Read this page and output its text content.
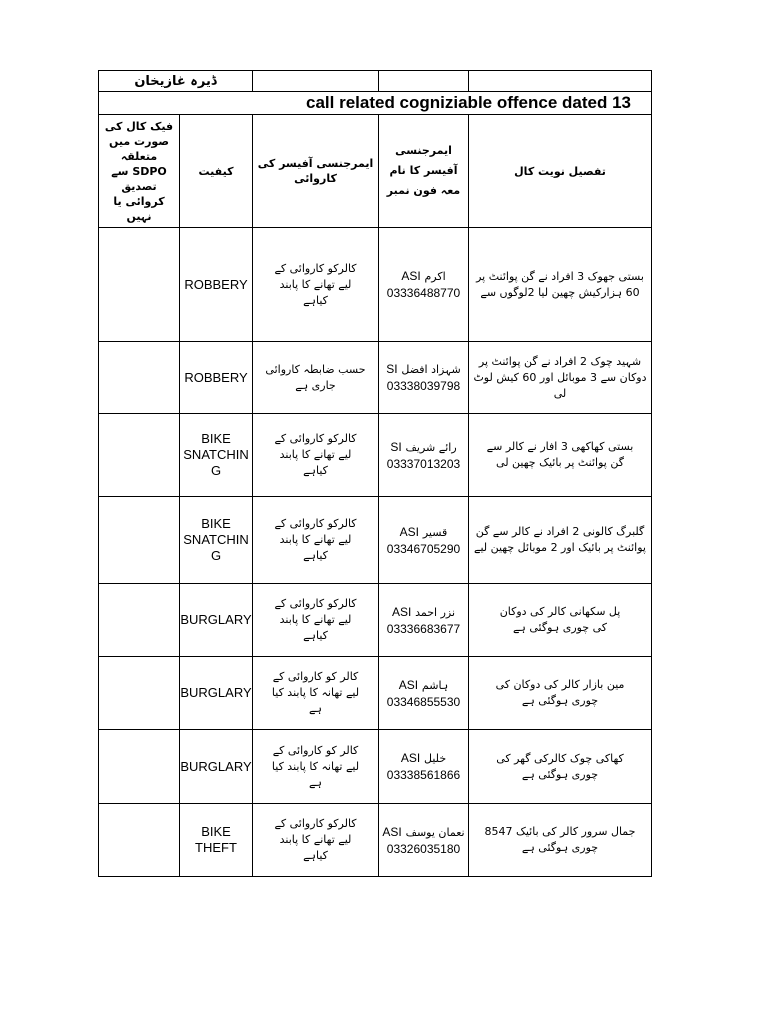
ڈیرہ غازیخان
call related cogniziable offence dated 13
تفصیل نویت کال
ایمرجنسی آفیسر کا نام معہ فون نمبر
ایمرجنسی آفیسر کی کاروائی
کیفیت
فیک کال کی صورت میں متعلقہ SDPO سے تصدیق کروائی یا نہیں
بستی جھوک 3 افراد نے گن پوائنٹ پر 60 ہزارکیش چھین لیا 2لوگوں سے
ASI اکرم
03336488770
کالرکو کاروائی کے لیے تھانے کا پابند کیاہے
ROBBERY
شہید چوک 2 افراد نے گن پوائنٹ پر دوکان سے 3 موبائل اور 60 کیش لوٹ لی
SI شہزاد افضل
03338039798
حسب ضابطہ کاروائی جاری ہے
ROBBERY
بستی کھاکھی 3 افار نے کالر سے گن پوائنٹ پر بائیک چھین لی
SI رائے شریف
03337013203
کالرکو کاروائی کے لیے تھانے کا پابند کیاہے
BIKE SNATCHIN G
گلبرگ کالونی 2 افراد نے کالر سے گن پوائنٹ پر بائیک اور 2 موبائل چھین لیے
ASI قسیر
03346705290
کالرکو کاروائی کے لیے تھانے کا پابند کیاہے
BIKE SNATCHIN G
پل سکھانی کالر کی دوکان کی چوری ہوگئی ہے
ASI نزر احمد
03336683677
کالرکو کاروائی کے لیے تھانے کا پابند کیاہے
BURGLARY
مین بازار کالر کی دوکان کی چوری ہوگئی ہے
ASI ہاشم
03346855530
کالر کو کاروائی کے لیے تھانہ کا پابند کیا ہے
BURGLARY
کھاکی چوک کالرکی گھر کی چوری ہوگئی ہے
ASI خلیل
03338561866
کالر کو کاروائی کے لیے تھانہ کا پابند کیا ہے
BURGLARY
جمال سرور کالر کی بائیک 8547 چوری ہوگئی ہے
ASI نعمان یوسف
03326035180
کالرکو کاروائی کے لیے تھانے کا پابند کیاہے
BIKE THEFT
